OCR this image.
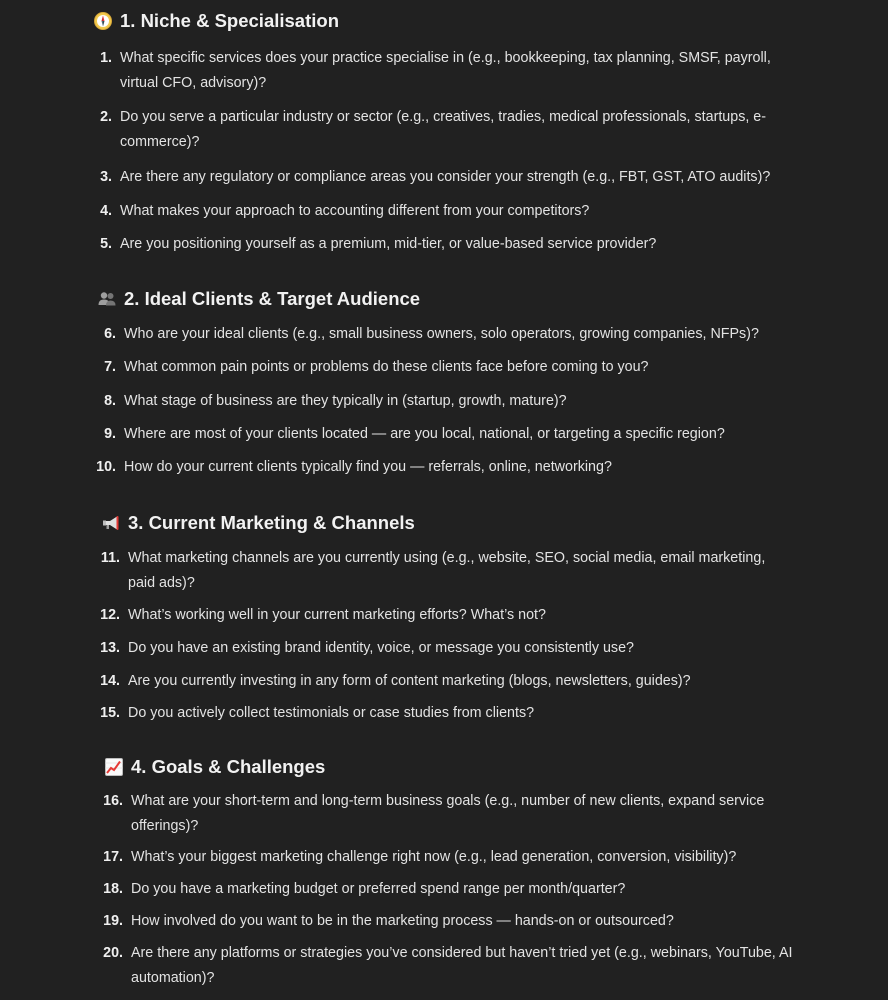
1. Niche & Specialisation
1. What specific services does your practice specialise in (e.g., bookkeeping, tax planning, SMSF, payroll, virtual CFO, advisory)?
2. Do you serve a particular industry or sector (e.g., creatives, tradies, medical professionals, startups, e-commerce)?
3. Are there any regulatory or compliance areas you consider your strength (e.g., FBT, GST, ATO audits)?
4. What makes your approach to accounting different from your competitors?
5. Are you positioning yourself as a premium, mid-tier, or value-based service provider?
2. Ideal Clients & Target Audience
6. Who are your ideal clients (e.g., small business owners, solo operators, growing companies, NFPs)?
7. What common pain points or problems do these clients face before coming to you?
8. What stage of business are they typically in (startup, growth, mature)?
9. Where are most of your clients located — are you local, national, or targeting a specific region?
10. How do your current clients typically find you — referrals, online, networking?
3. Current Marketing & Channels
11. What marketing channels are you currently using (e.g., website, SEO, social media, email marketing, paid ads)?
12. What’s working well in your current marketing efforts? What’s not?
13. Do you have an existing brand identity, voice, or message you consistently use?
14. Are you currently investing in any form of content marketing (blogs, newsletters, guides)?
15. Do you actively collect testimonials or case studies from clients?
4. Goals & Challenges
16. What are your short-term and long-term business goals (e.g., number of new clients, expand service offerings)?
17. What’s your biggest marketing challenge right now (e.g., lead generation, conversion, visibility)?
18. Do you have a marketing budget or preferred spend range per month/quarter?
19. How involved do you want to be in the marketing process — hands-on or outsourced?
20. Are there any platforms or strategies you’ve considered but haven’t tried yet (e.g., webinars, YouTube, AI automation)?
